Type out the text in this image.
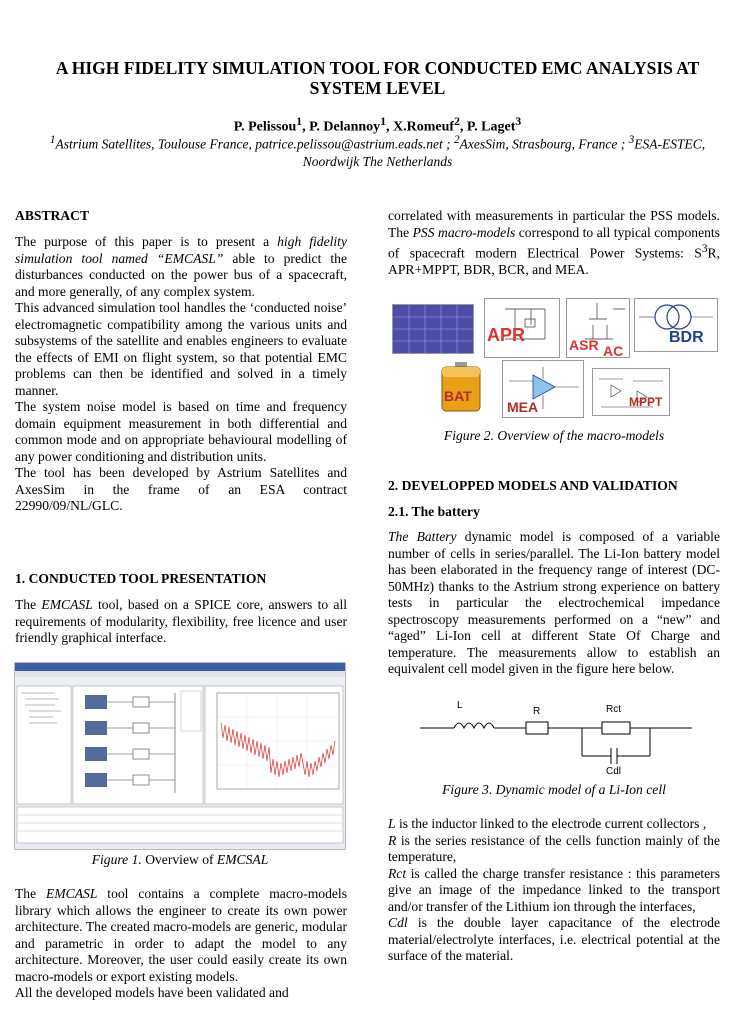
A HIGH FIDELITY SIMULATION TOOL FOR CONDUCTED EMC ANALYSIS AT SYSTEM LEVEL
P. Pelissou$^1$, P. Delannoy$^1$, X.Romeuf$^2$, P. Laget$^3$
$^1$Astrium Satellites, Toulouse France, patrice.pelissou@astrium.eads.net ; $^2$AxesSim, Strasbourg, France ; $^3$ESA-ESTEC, Noordwijk The Netherlands
ABSTRACT

The purpose of this paper is to present a high fidelity simulation tool named “EMCASL” able to predict the disturbances conducted on the power bus of a spacecraft, and more generally, of any complex system.

This advanced simulation tool handles the ‘conducted noise’ electromagnetic compatibility among the various units and subsystems of the satellite and enables engineers to evaluate the effects of EMI on flight system, so that potential EMC problems can then be identified and solved in a timely manner.

The system noise model is based on time and frequency domain equipment measurement in both differential and common mode and on appropriate behavioural modelling of any power conditioning and distribution units.

The tool has been developed by Astrium Satellites and AxesSim in the frame of an ESA contract 22990/09/NL/GLC.

1. CONDUCTED TOOL PRESENTATION

The EMCASL tool, based on a SPICE core, answers to all requirements of modularity, flexibility, free licence and user friendly graphical interface.

Figure 1. Overview of EMCSAL

The EMCASL tool contains a complete macro-models library which allows the engineer to create its own power architecture. The created macro-models are generic, modular and parametric in order to adapt the model to any architecture. Moreover, the user could easily create its own macro-models or export existing models.

All the developed models have been validated and

correlated with measurements in particular the PSS models. The PSS macro-models correspond to all typical components of spacecraft modern Electrical Power Systems: $S^3R$, APR+MPPT, BDR, BCR, and MEA.

APR	ASR AC
BDR
BAT
MEA	MPPT
Figure 2. Overview of the macro-models
2. DEVELOPPED MODELS AND VALIDATION
2.1. The battery

The Battery dynamic model is composed of a variable number of cells in series/parallel. The Li-Ion battery model has been elaborated in the frequency range of interest (DC-50MHz) thanks to the Astrium strong experience on battery tests in particular the electrochemical impedance spectroscopy measurements performed on a “new” and “aged” Li-Ion cell at different State Of Charge and temperature. The measurements allow to establish an equivalent cell model given in the figure here below.

L
R	Rct
Cdl
Figure 3. Dynamic model of a Li-Ion cell

L is the inductor linked to the electrode current collectors ,

R is the series resistance of the cells function mainly of the temperature,

Rct is called the charge transfer resistance : this parameters give an image of the impedance linked to the transport and/or transfer of the Lithium ion through the interfaces,

Cdl is the double layer capacitance of the electrode material/electrolyte interfaces, i.e. electrical potential at the surface of the material.
